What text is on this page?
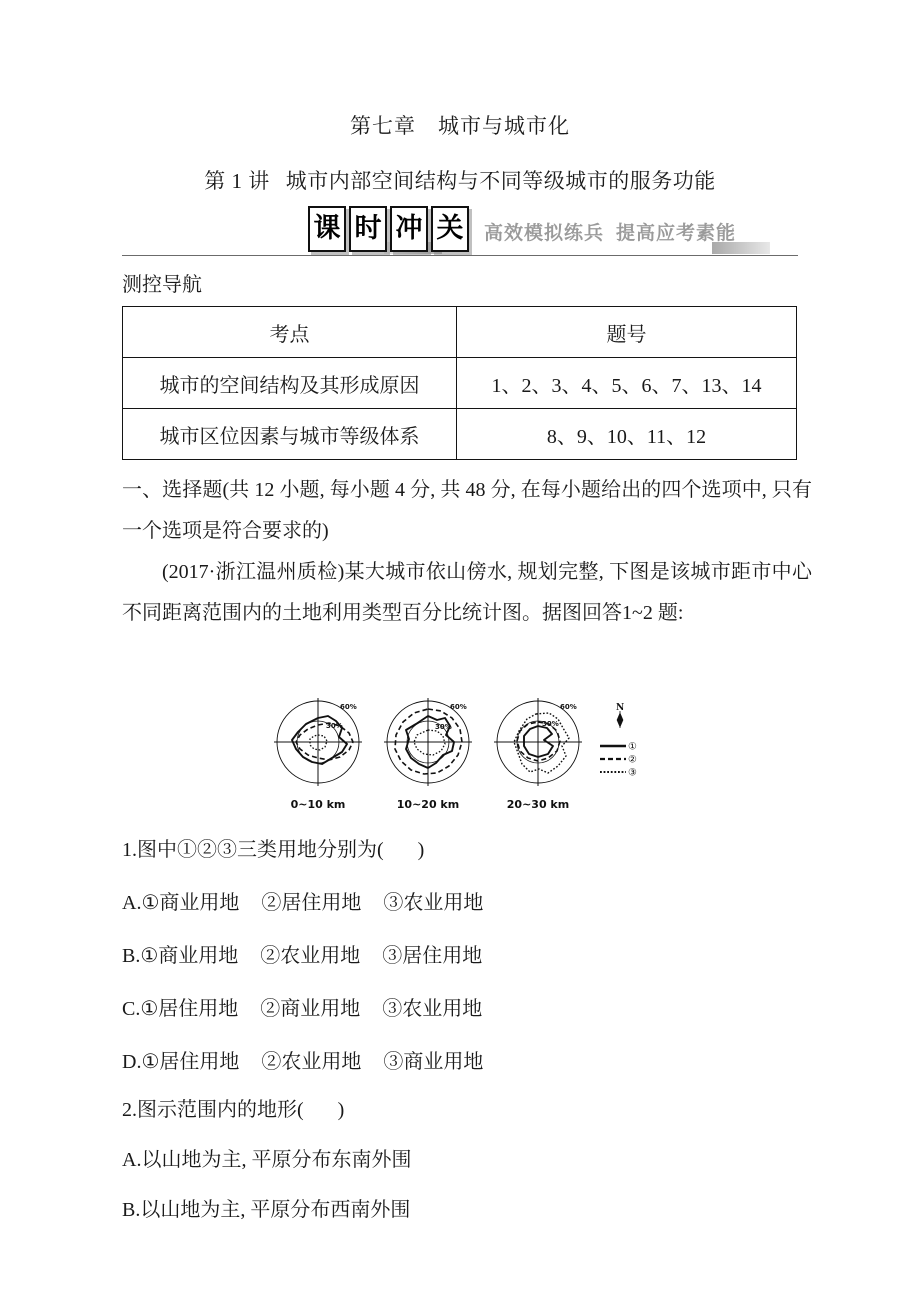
第七章 城市与城市化
第 1 讲 城市内部空间结构与不同等级城市的服务功能
课 时 冲 关 高效模拟练兵 提高应考素能
测控导航
考点	题号
城市的空间结构及其形成原因	1、2、3、4、5、6、7、13、14
城市区位因素与城市等级体系	8、9、10、11、12
一、选择题(共 12 小题, 每小题 4 分, 共 48 分, 在每小题给出的四个选项中, 只有一个选项是符合要求的)
(2017·浙江温州质检)某大城市依山傍水, 规划完整, 下图是该城市距市中心不同距离范围内的土地利用类型百分比统计图。据图回答1~2 题:
60%
30%
60%
30%
60%
30%
N
①
②
③
0~10 km	10~20 km	20~30 km
1.图中①②③三类用地分别为( )
A.①商业用地 ②居住用地 ③农业用地
B.①商业用地 ②农业用地 ③居住用地
C.①居住用地 ②商业用地 ③农业用地
D.①居住用地 ②农业用地 ③商业用地
2.图示范围内的地形( )
A.以山地为主, 平原分布东南外围
B.以山地为主, 平原分布西南外围
